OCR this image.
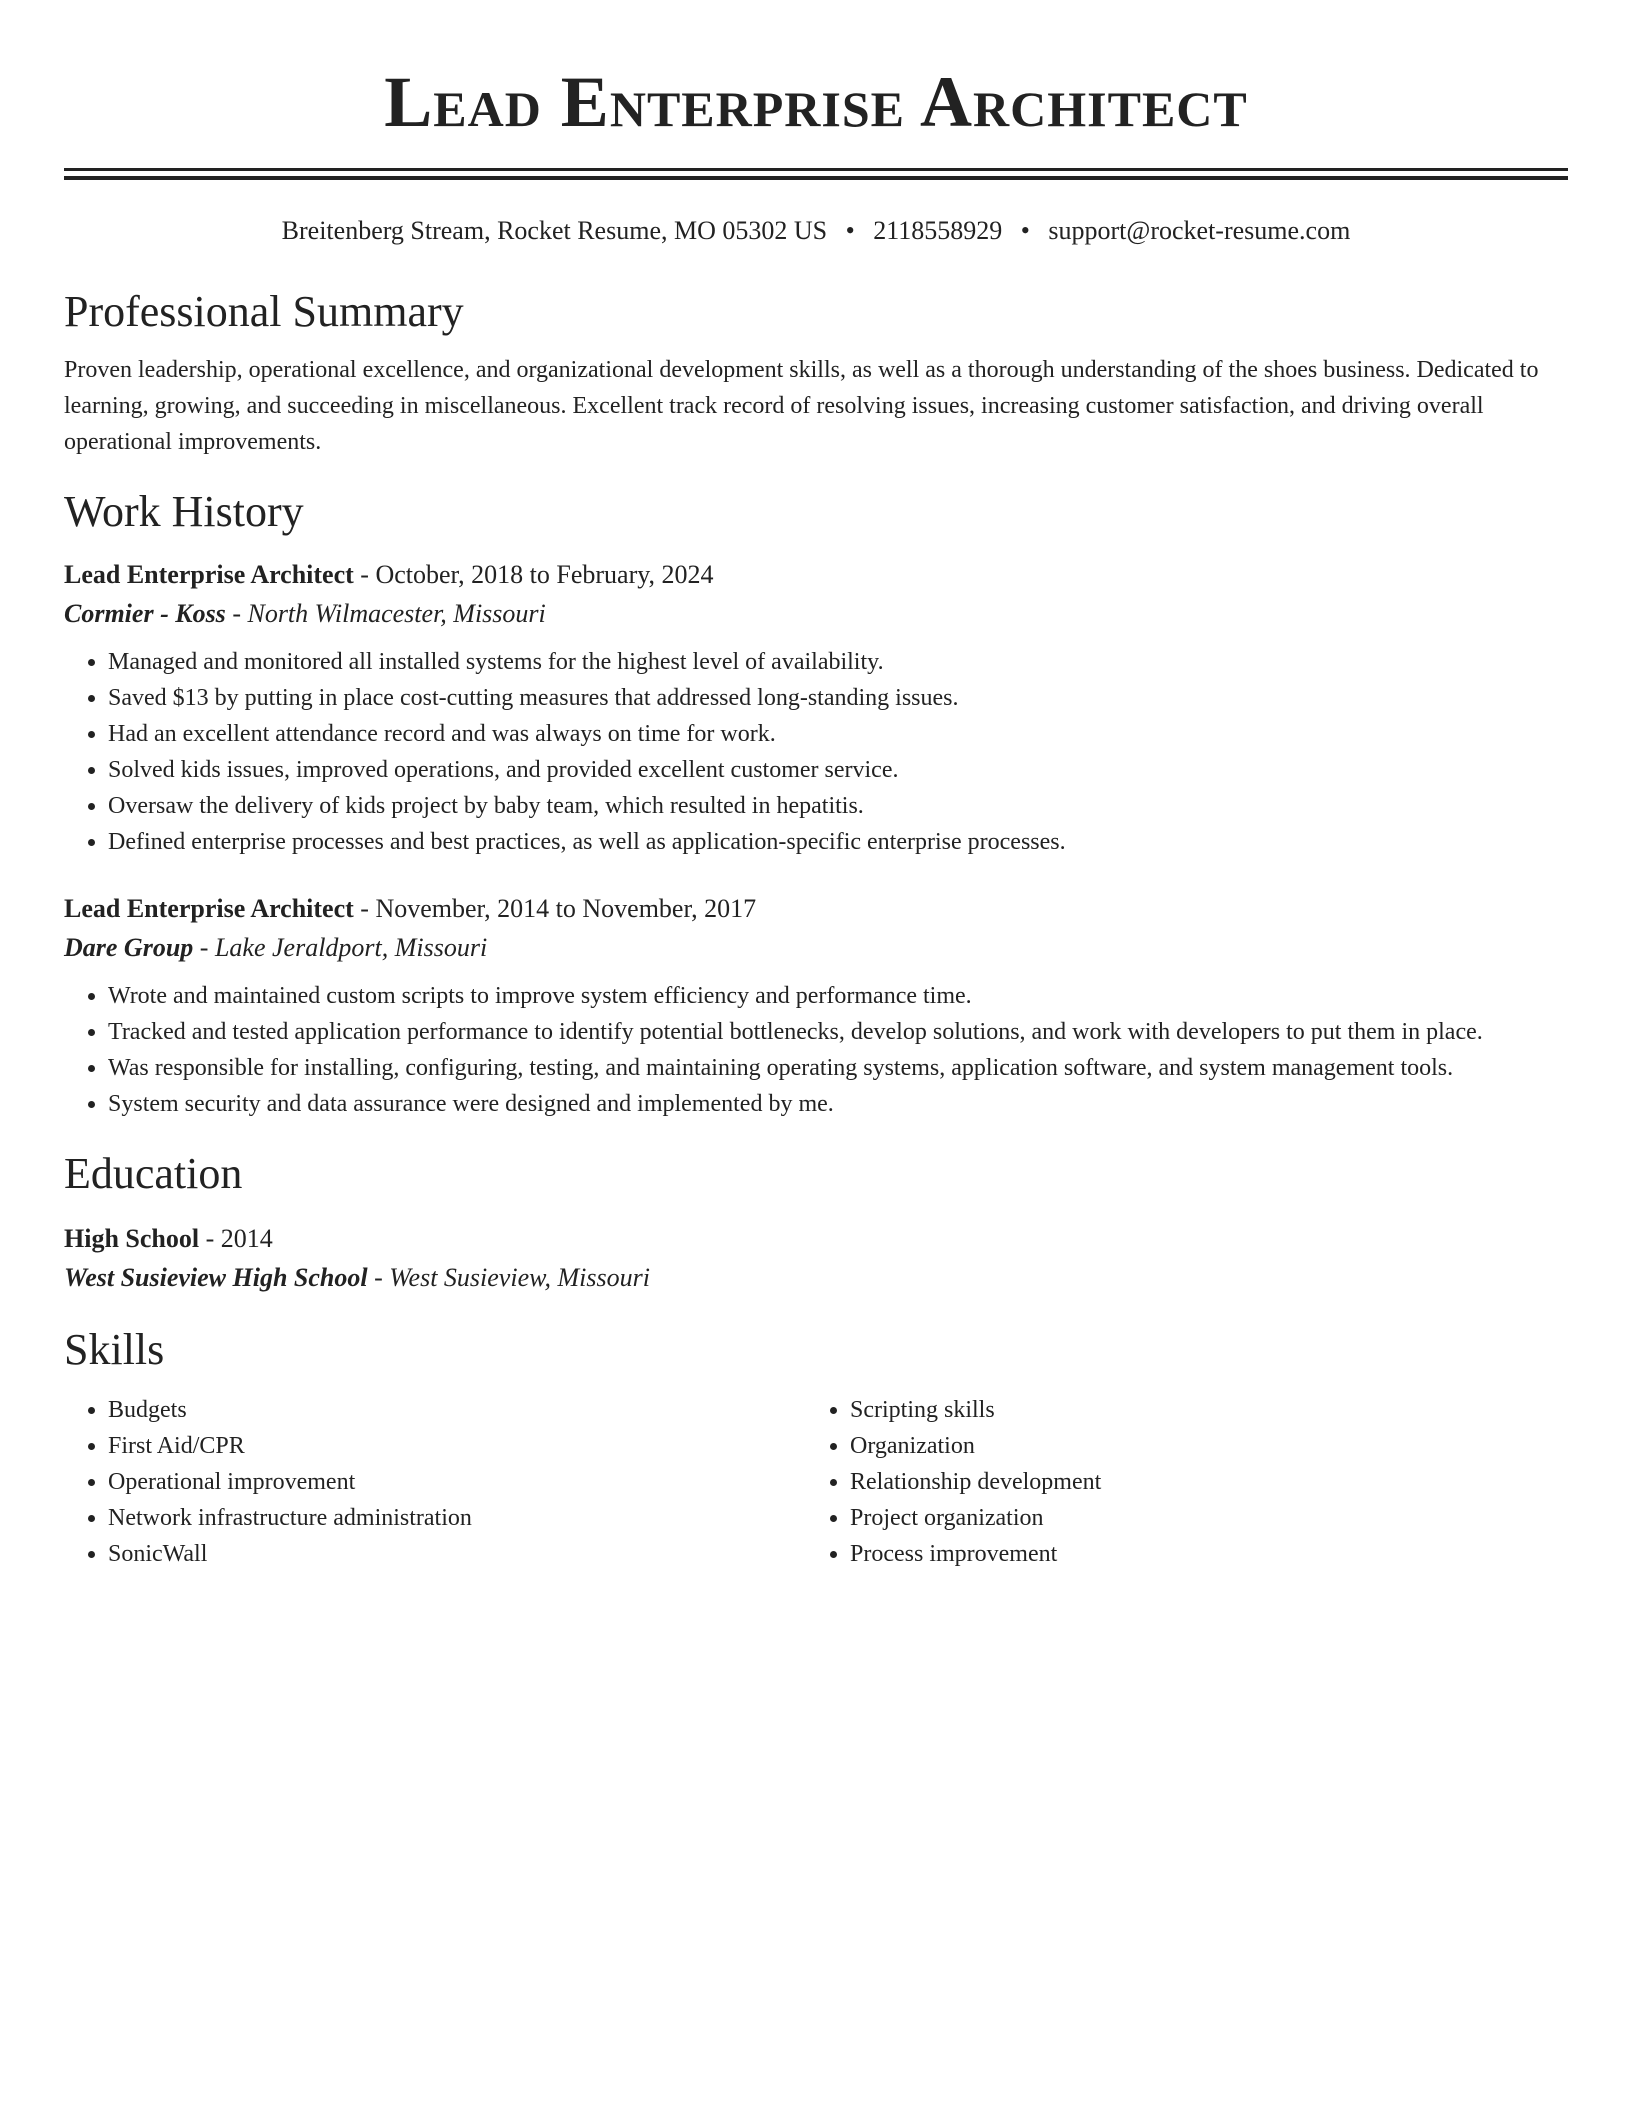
Lead Enterprise Architect
Breitenberg Stream, Rocket Resume, MO 05302 US • 2118558929 • support@rocket-resume.com
Professional Summary

Proven leadership, operational excellence, and organizational development skills, as well as a thorough understanding of the shoes business. Dedicated to learning, growing, and succeeding in miscellaneous. Excellent track record of resolving issues, increasing customer satisfaction, and driving overall operational improvements.

Work History
Lead Enterprise Architect - October, 2018 to February, 2024
Cormier - Koss - North Wilmacester, Missouri
• Managed and monitored all installed systems for the highest level of availability.
• Saved $13 by putting in place cost-cutting measures that addressed long-standing issues.
• Had an excellent attendance record and was always on time for work.
• Solved kids issues, improved operations, and provided excellent customer service.
• Oversaw the delivery of kids project by baby team, which resulted in hepatitis.
• Defined enterprise processes and best practices, as well as application-specific enterprise processes.
Lead Enterprise Architect - November, 2014 to November, 2017
Dare Group - Lake Jeraldport, Missouri
• Wrote and maintained custom scripts to improve system efficiency and performance time.
• Tracked and tested application performance to identify potential bottlenecks, develop solutions, and work with developers to put them in place.
• Was responsible for installing, configuring, testing, and maintaining operating systems, application software, and system management tools.
• System security and data assurance were designed and implemented by me.
Education
High School - 2014
West Susieview High School - West Susieview, Missouri
Skills
• Budgets
• First Aid/CPR
• Operational improvement
• Network infrastructure administration
• SonicWall
• Scripting skills
• Organization
• Relationship development
• Project organization
• Process improvement
